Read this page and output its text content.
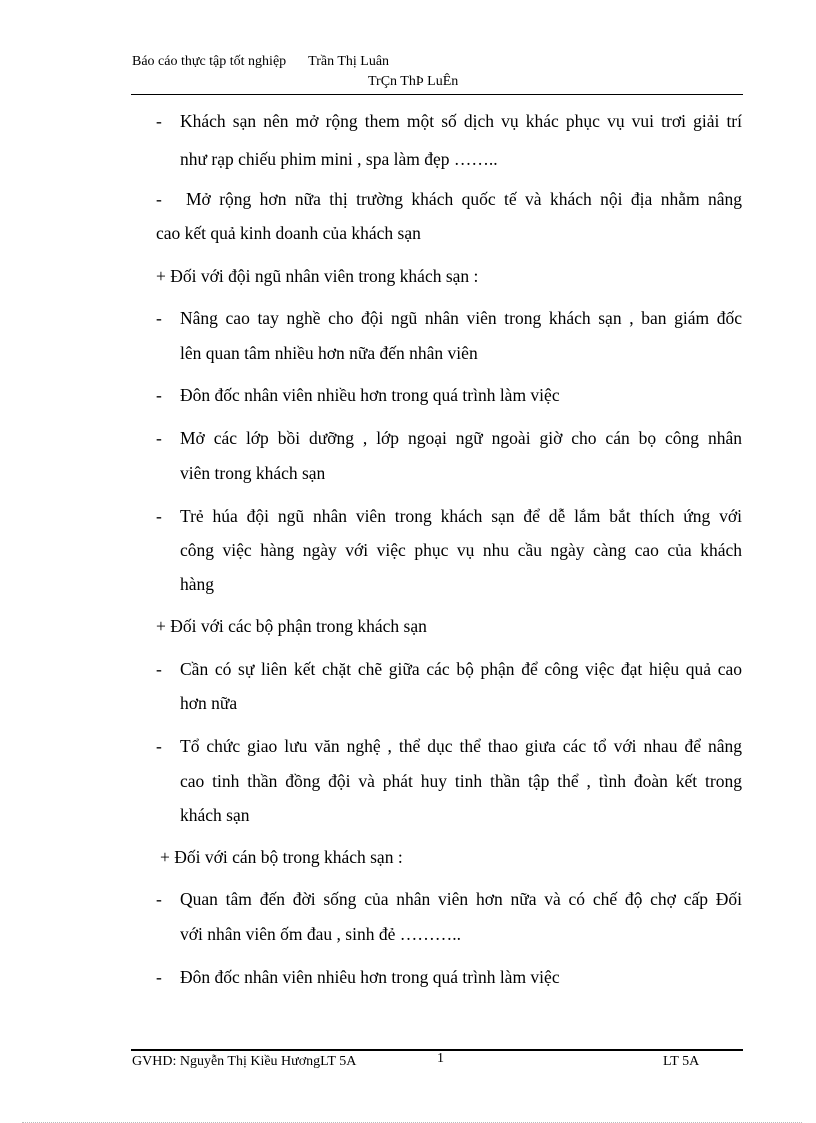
Báo cáo thực tập tốt nghiệp Trần Thị Luân
TrÇn ThÞ LuÊn
- Khách sạn nên mở rộng them một số dịch vụ khác phục vụ vui trơi giải trí
như rạp chiếu phim mini , spa làm đẹp ……..
- Mở rộng hơn nữa thị trường khách quốc tế và khách nội địa nhằm nâng
cao kết quả kinh doanh của khách sạn
+ Đối với đội ngũ nhân viên trong khách sạn :
- Nâng cao tay nghề cho đội ngũ nhân viên trong khách sạn , ban giám đốc
lên quan tâm nhiều hơn nữa đến nhân viên
- Đôn đốc nhân viên nhiều hơn trong quá trình làm việc
- Mở các lớp bồi dưỡng , lớp ngoại ngữ ngoài giờ cho cán bọ công nhân
viên trong khách sạn
- Trẻ húa đội ngũ nhân viên trong khách sạn để dễ lắm bắt thích ứng với
công việc hàng ngày với việc phục vụ nhu cầu ngày càng cao của khách
hàng
+ Đối với các bộ phận trong khách sạn
- Cần có sự liên kết chặt chẽ giữa các bộ phận để công việc đạt hiệu quả cao
hơn nữa
- Tổ chức giao lưu văn nghệ , thể dục thể thao giưa các tổ với nhau để nâng
cao tinh thần đồng đội và phát huy tinh thần tập thể , tình đoàn kết trong
khách sạn
+ Đối với cán bộ trong khách sạn :
- Quan tâm đến đời sống của nhân viên hơn nữa và có chế độ chợ cấp Đối
với nhân viên ốm đau , sinh đẻ ………..
- Đôn đốc nhân viên nhiêu hơn trong quá trình làm việc
GVHD: Nguyễn Thị Kiều HươngLT 5A	1	LT 5A
